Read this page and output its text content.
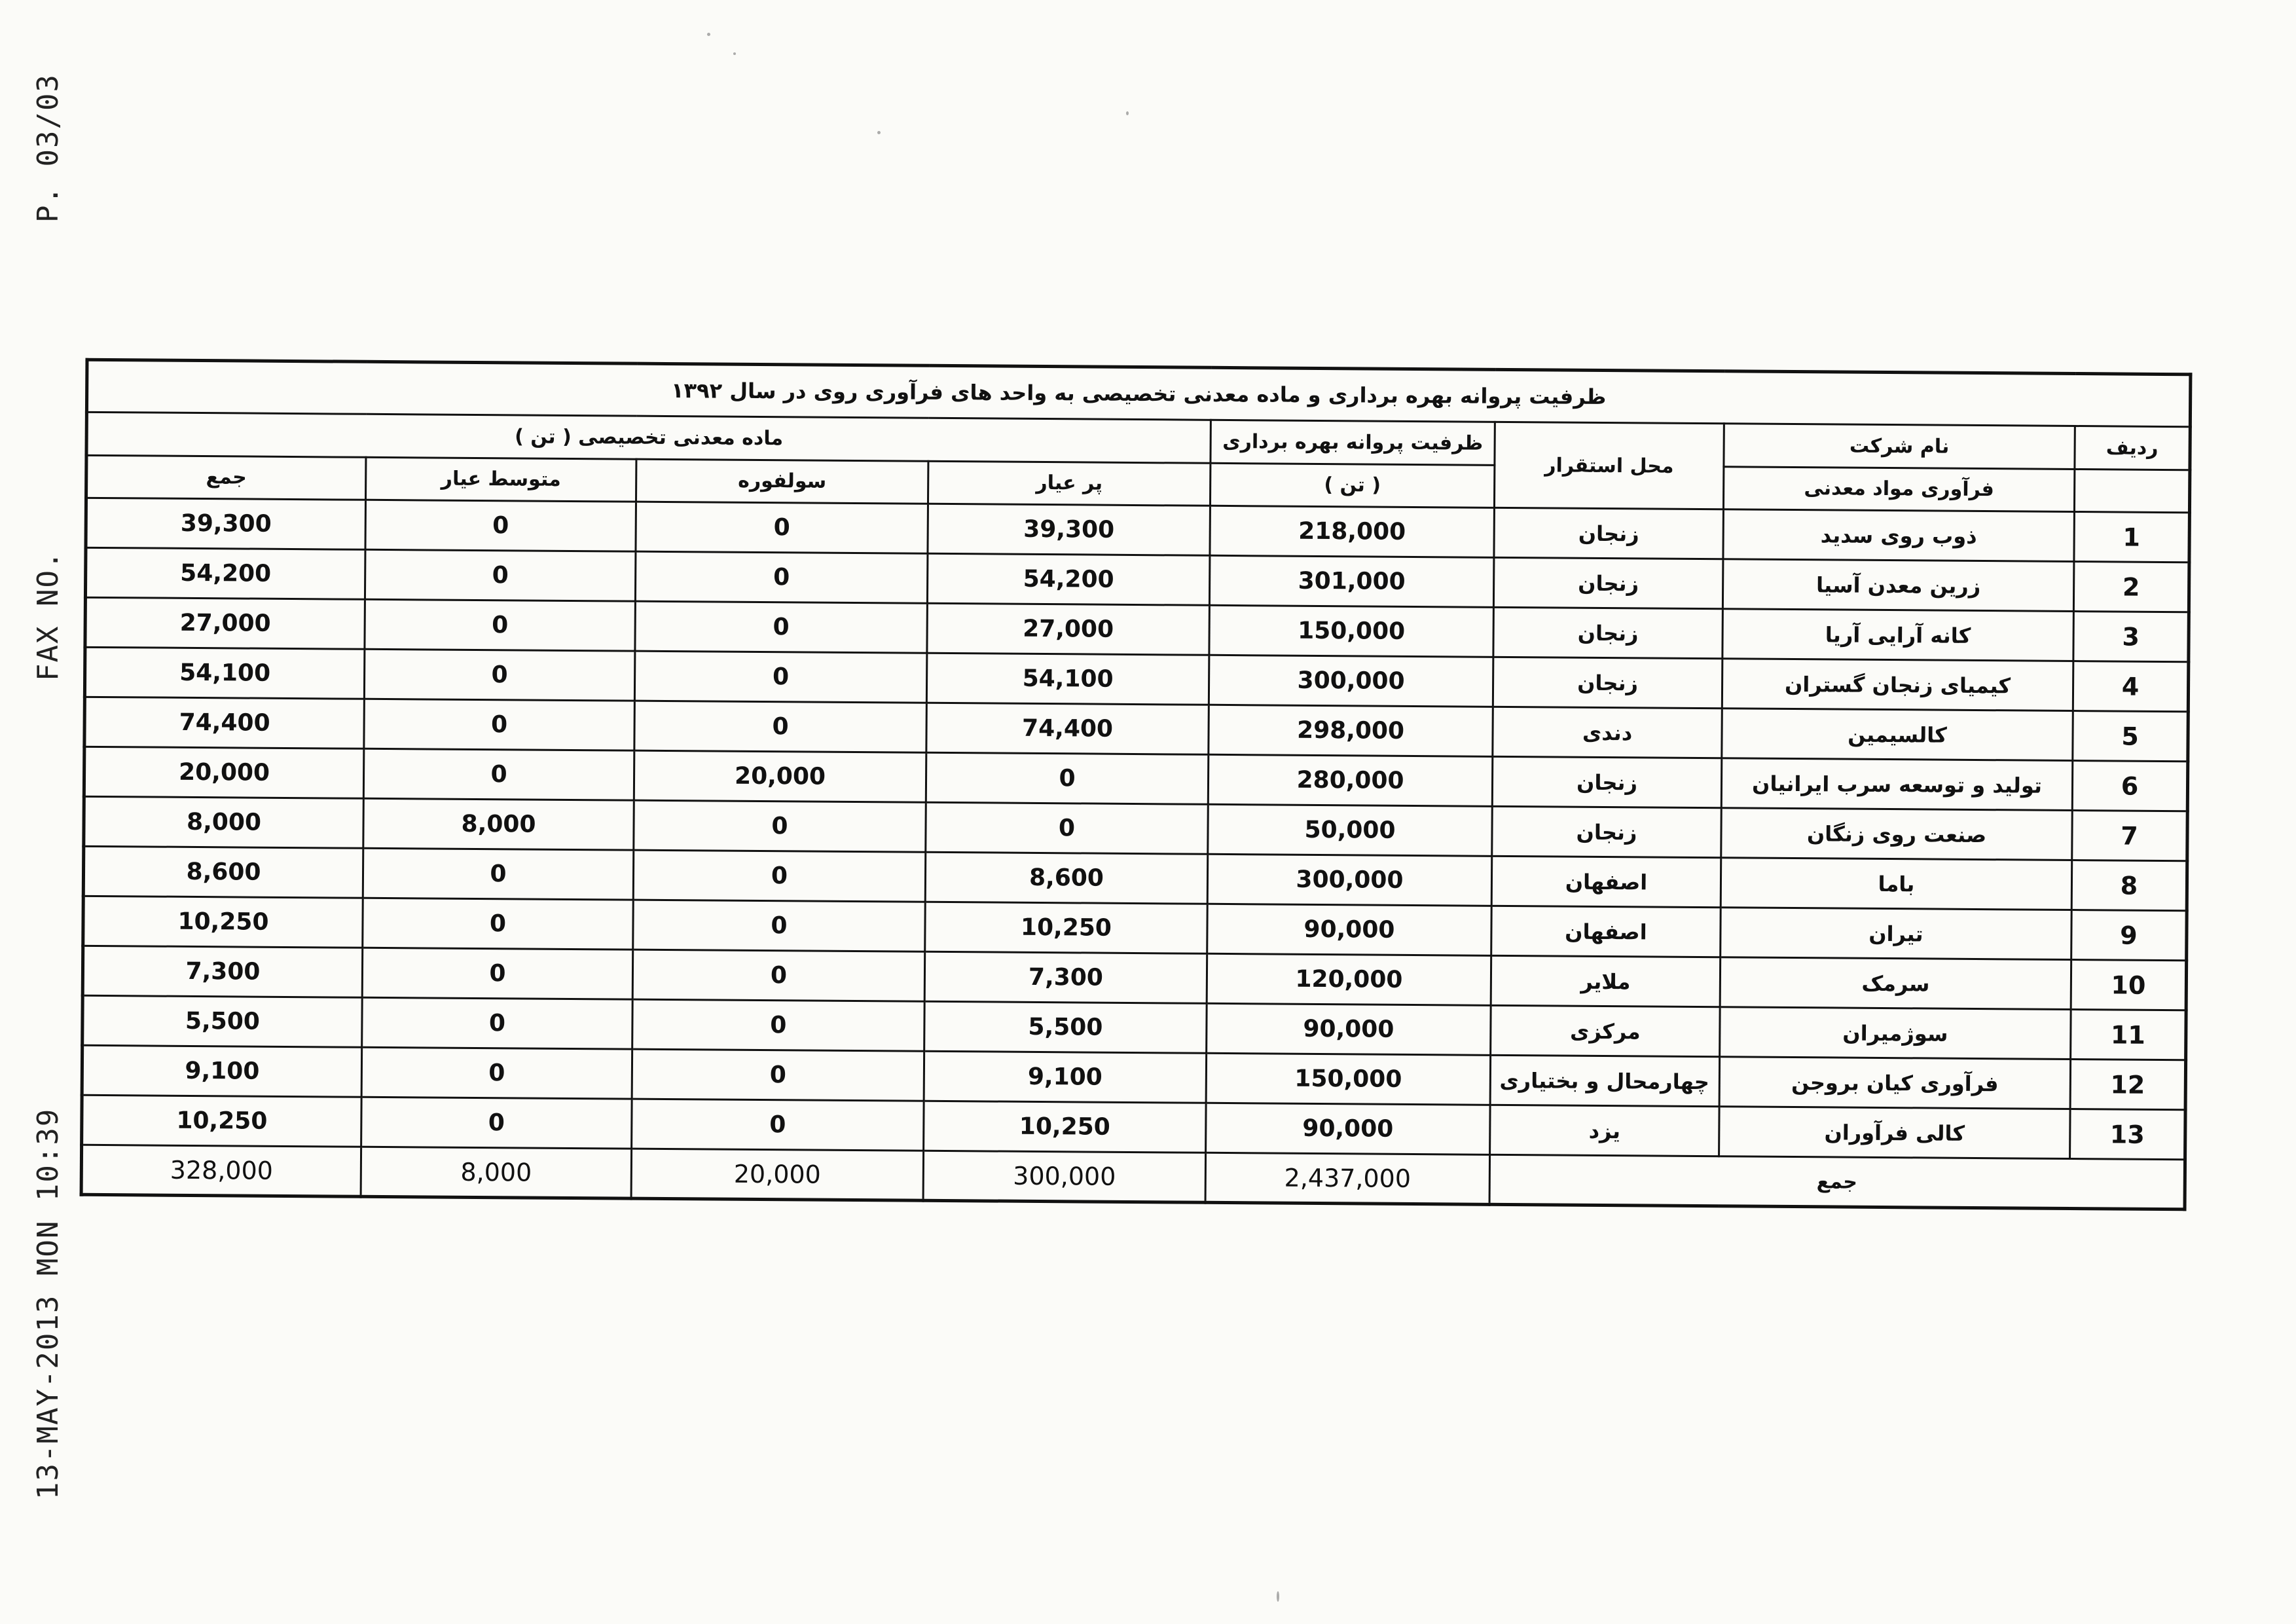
P. 03/03
FAX NO.
13-MAY-2013 MON 10:39
ظرفیت پروانه بهره برداری و ماده معدنی تخصیصی به واحد های فرآوری روی در سال ۱۳۹۲							
ماده معدنی تخصیصی ( تن )				ظرفیت پروانه بهره برداری	محل استقرار	نام شرکت	ردیف
جمع	متوسط عیار	سولفوره	پر عیار	( تن )		فرآوری مواد معدنی	
39,300	0	0	39,300	218,000	زنجان	ذوب روی سدید	1
54,200	0	0	54,200	301,000	زنجان	زرین معدن آسیا	2
27,000	0	0	27,000	150,000	زنجان	کانه آرایی آریا	3
54,100	0	0	54,100	300,000	زنجان	کیمیای زنجان گستران	4
74,400	0	0	74,400	298,000	دندی	کالسیمین	5
20,000	0	20,000	0	280,000	زنجان	تولید و توسعه سرب ایرانیان	6
8,000	8,000	0	0	50,000	زنجان	صنعت روی زنگان	7
8,600	0	0	8,600	300,000	اصفهان	باما	8
10,250	0	0	10,250	90,000	اصفهان	تیران	9
7,300	0	0	7,300	120,000	ملایر	سرمک	10
5,500	0	0	5,500	90,000	مرکزی	سوژمیران	11
9,100	0	0	9,100	150,000	چهارمحال و بختیاری	فرآوری کیان بروجن	12
10,250	0	0	10,250	90,000	یزد	کالی فرآوران	13
328,000	8,000	20,000	300,000	2,437,000	جمع		
